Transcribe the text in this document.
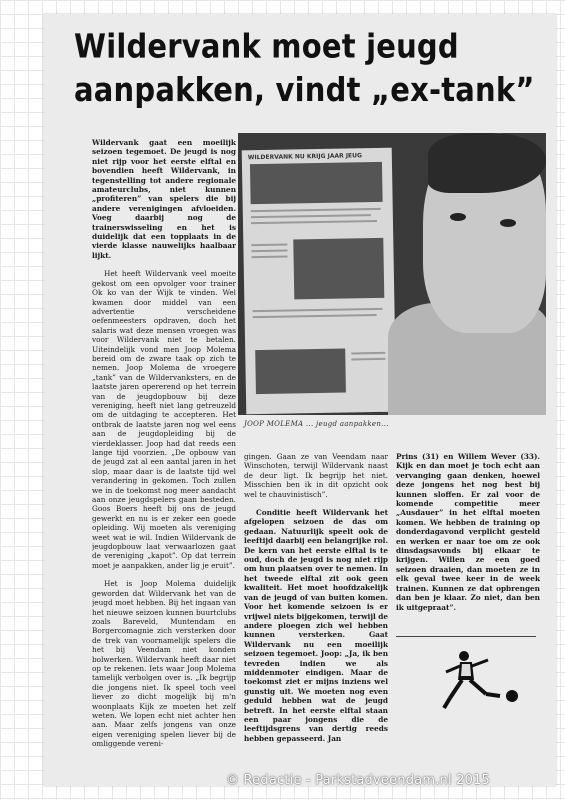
Wildervank moet jeugd
aanpakken, vindt „ex-tank”

Wildervank gaat een moeilijk seizoen tegemoet. De jeugd is nog niet rijp voor het eerste elftal en bovendien heeft Wildervank, in tegenstelling tot andere regionale amateurclubs, niet kunnen „profiteren” van spelers die bij andere verenigingen afvloeiden. Voeg daarbij nog de trainerswisseling en het is duidelijk dat een topplaats in de vierde klasse nauwelijks haalbaar lijkt.

Het heeft Wildervank veel moeite gekost om een opvolger voor trainer Ok ko van der Wijk te vinden. Wel kwamen door middel van een advertentie verscheidene oefenmeesters opdraven, doch het salaris wat deze mensen vroegen was voor Wildervank niet te betalen. Uiteindelijk vond men Joop Molema bereid om de zware taak op zich te nemen. Joop Molema de vroegere „tank” van de Wildervanksters, en de laatste jaren opererend op het terrein van de jeugdopbouw bij deze vereniging, heeft niet lang getreuzeld om de uitdaging te accepteren. Het ontbrak de laatste jaren nog wel eens aan de jeugdopleiding bij de vierdeklasser. Joop had dat reeds een lange tijd voorzien. „De opbouw van de jeugd zat al een aantal jaren in het slop, maar daar is de laatste tijd wel verandering in gekomen. Toch zullen we in de toekomst nog meer aandacht aan onze jeugdspelers gaan besteden. Goos Boers heeft bij ons de jeugd gewerkt en nu is er zeker een goede opleiding. Wij moeten als vereniging weet wat ie wil. Indien Wildervank de jeugdopbouw laat verwaarlozen gaat de vereniging „kapot”. Op dat terrein moet je aanpakken, ander lig je eruit”.

Het is Joop Molema duidelijk geworden dat Wildervank het van de jeugd moet hebben. Bij het ingaan van het nieuwe seizoen kunnen buurtclubs zoals Bareveld, Muntendam en Borgercomagnie zich versterken door de trek van voornamelijk spelers die het bij Veendam niet konden bolwerken. Wildervank heeft daar niet op te rekenen. Iets waar Joop Molema tamelijk verbolgen over is. „Ik begrijp die jongens niet. Ik speel toch veel liever zo dicht mogelijk bij m'n woonplaats Kijk ze moeten het zelf weten. We lopen echt niet achter hen aan. Maar zelfs jongens van onze eigen vereniging spelen liever bij de omliggende vereni-

WILDERVANK NU KRIJG JAAR JEUG
JOOP MOLEMA ... jeugd aanpakken...

gingen. Gaan ze van Veendam naar Winschoten, terwijl Wildervank naast de deur ligt. Ik begrijp het niet. Misschien ben ik in dit opzicht ook wel te chauvinistisch”.

Conditie heeft Wildervank het afgelopen seizoen de das om gedaan. Natuurlijk speelt ook de leeftijd daarbij een belangrijke rol. De kern van het eerste elftal is te oud, doch de jeugd is nog niet rijp om hun plaatsen over te nemen. In het tweede elftal zit ook geen kwaliteit. Het moet hoofdzakelijk van de jeugd of van buiten komen. Voor het komende seizoen is er vrijwel niets bijgekomen, terwijl de andere ploegen zich wel hebben kunnen versterken. Gaat Wildervank nu een moeilijk seizoen tegemoet. Joop: „Ja, ik ben tevreden indien we als middenmoter eindigen. Maar de toekomst ziet er mijns inziens wel gunstig uit. We moeten nog even geduld hebben wat de jeugd betreft. In het eerste elftal staan een paar jongens die de leeftijdsgrens van dertig reeds hebben gepasseerd. Jan

Prins (31) en Willem Wever (33). Kijk en dan moet je toch echt aan vervanging gaan denken, hoewel deze jongens het nog best bij kunnen sloffen. Er zal voor de komende competitie meer „Ausdauer” in het elftal moeten komen. We hebben de training op donderdagavond verplicht gesteld en werken er naar toe om ze ook dinsdagsavonds bij elkaar te krijgen. Willen ze een goed seizoen draaien, dan moeten ze in elk geval twee keer in de week trainen. Kunnen ze dat opbrengen dan ben je klaar. Zo niet, dan ben ik uitgepraat”.

© Redactie - Parkstadveendam.nl 2015
